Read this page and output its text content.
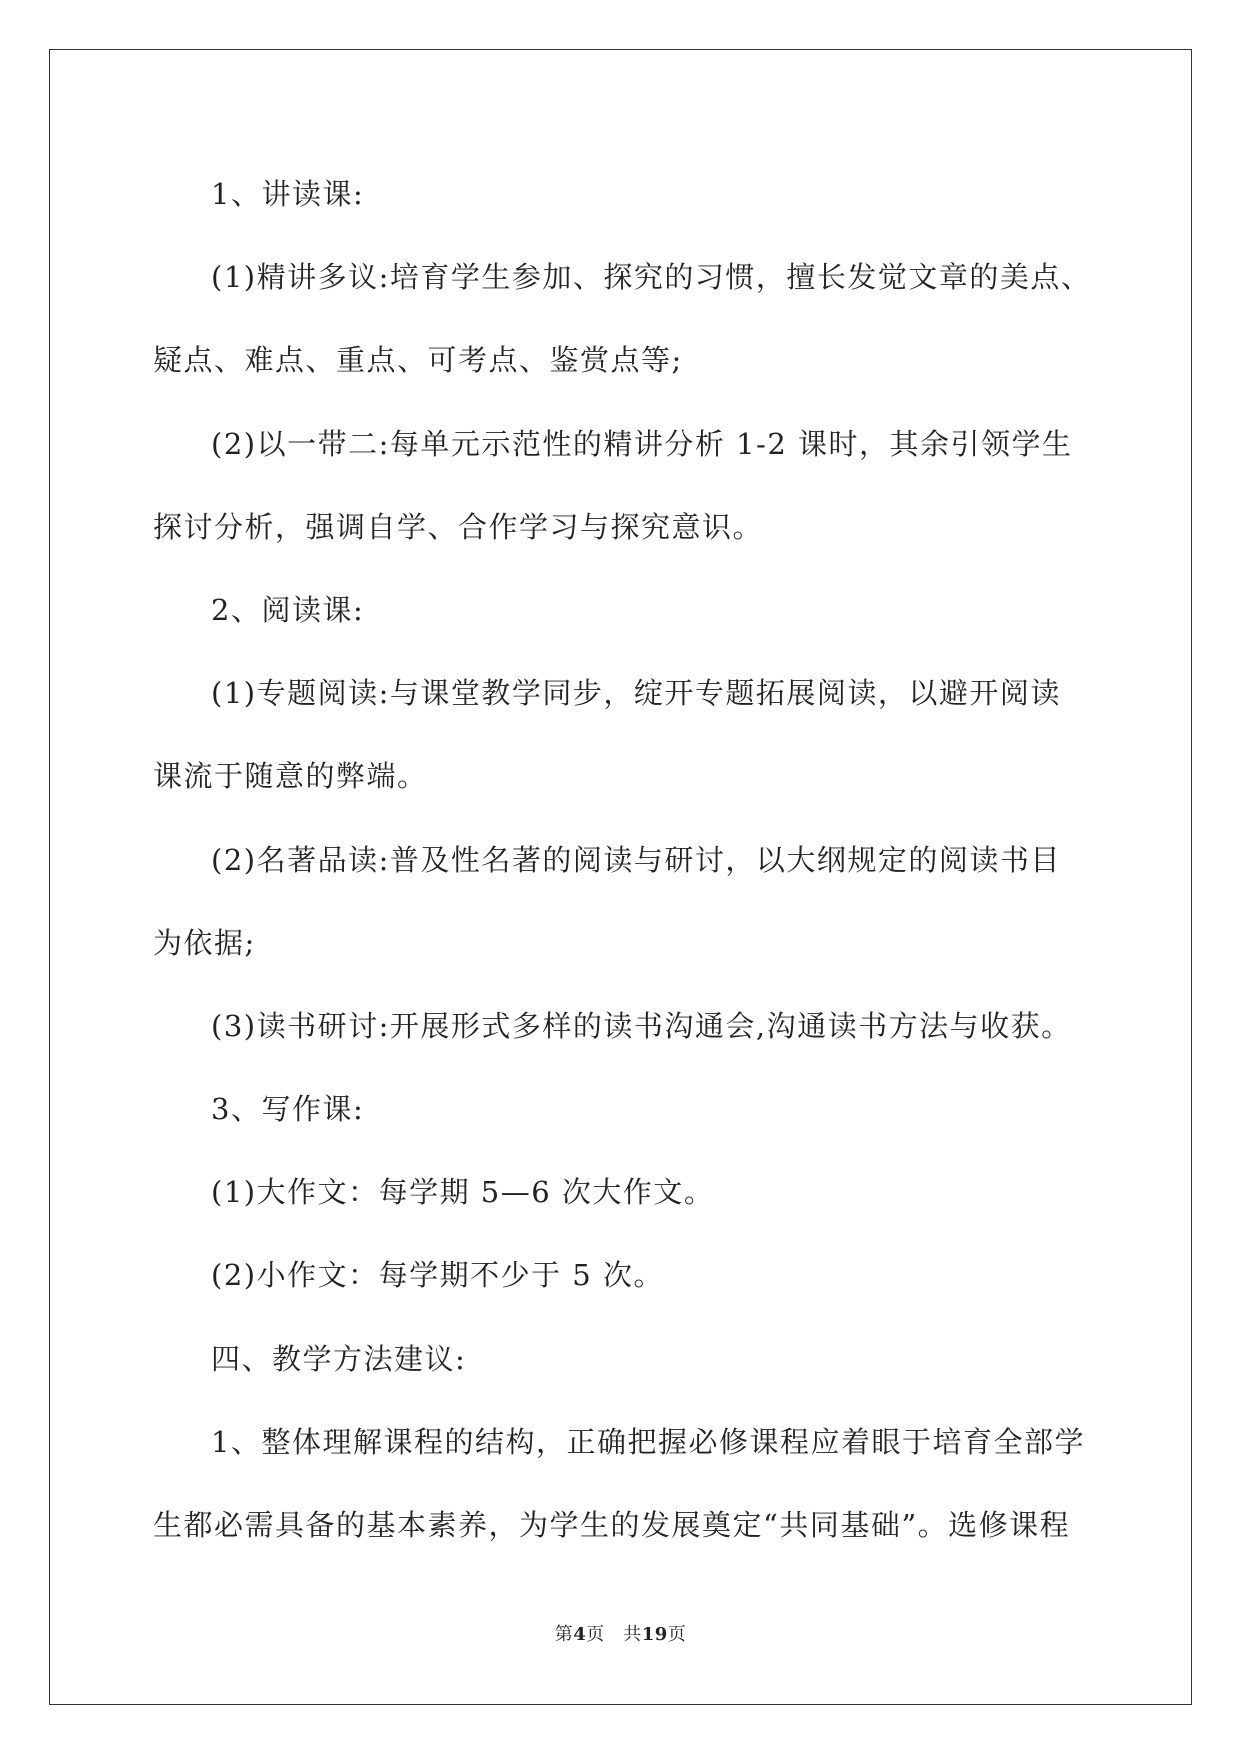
1、讲读课:
(1)精讲多议:培育学生参加、探究的习惯，擅长发觉文章的美点、
疑点、难点、重点、可考点、鉴赏点等;
(2)以一带二:每单元示范性的精讲分析 1-2 课时，其余引领学生
探讨分析，强调自学、合作学习与探究意识。
2、阅读课:
(1)专题阅读:与课堂教学同步，绽开专题拓展阅读，以避开阅读
课流于随意的弊端。
(2)名著品读:普及性名著的阅读与研讨，以大纲规定的阅读书目
为依据;
(3)读书研讨:开展形式多样的读书沟通会,沟通读书方法与收获。
3、写作课:
(1)大作文：每学期 5—6 次大作文。
(2)小作文：每学期不少于 5 次。
四、教学方法建议:
1、整体理解课程的结构，正确把握必修课程应着眼于培育全部学
生都必需具备的基本素养，为学生的发展奠定“共同基础”。选修课程
第4页　共19页
